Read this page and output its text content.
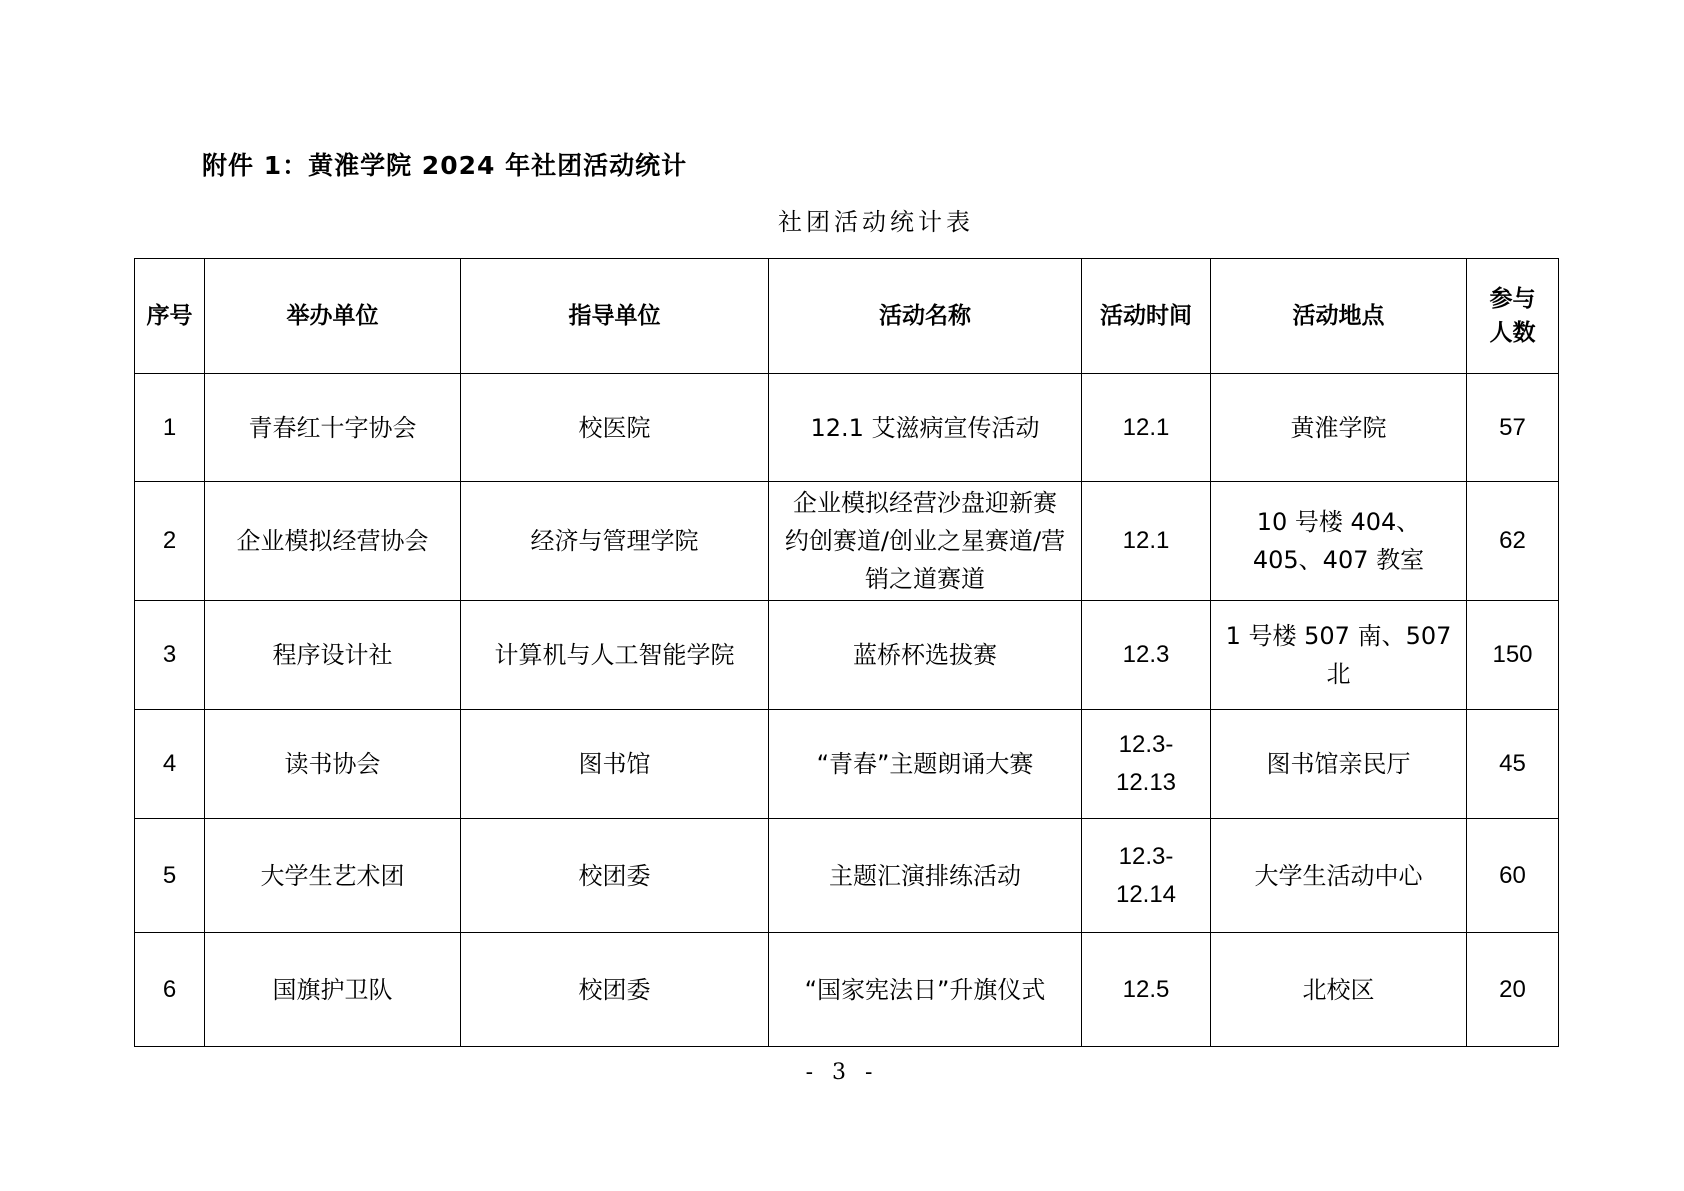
附件 1：黄淮学院 2024 年社团活动统计
社团活动统计表
序号	举办单位	指导单位	活动名称	活动时间	活动地点	参与人数
1	青春红十字协会	校医院	12.1 艾滋病宣传活动	12.1	黄淮学院	57
2	企业模拟经营协会	经济与管理学院	企业模拟经营沙盘迎新赛约创赛道/创业之星赛道/营销之道赛道	12.1	10 号楼 404、405、407 教室	62
3	程序设计社	计算机与人工智能学院	蓝桥杯选拔赛	12.3	1 号楼 507 南、507 北	150
4	读书协会	图书馆	“青春”主题朗诵大赛	12.3-12.13	图书馆亲民厅	45
5	大学生艺术团	校团委	主题汇演排练活动	12.3-12.14	大学生活动中心	60
6	国旗护卫队	校团委	“国家宪法日”升旗仪式	12.5	北校区	20
- 3 -
